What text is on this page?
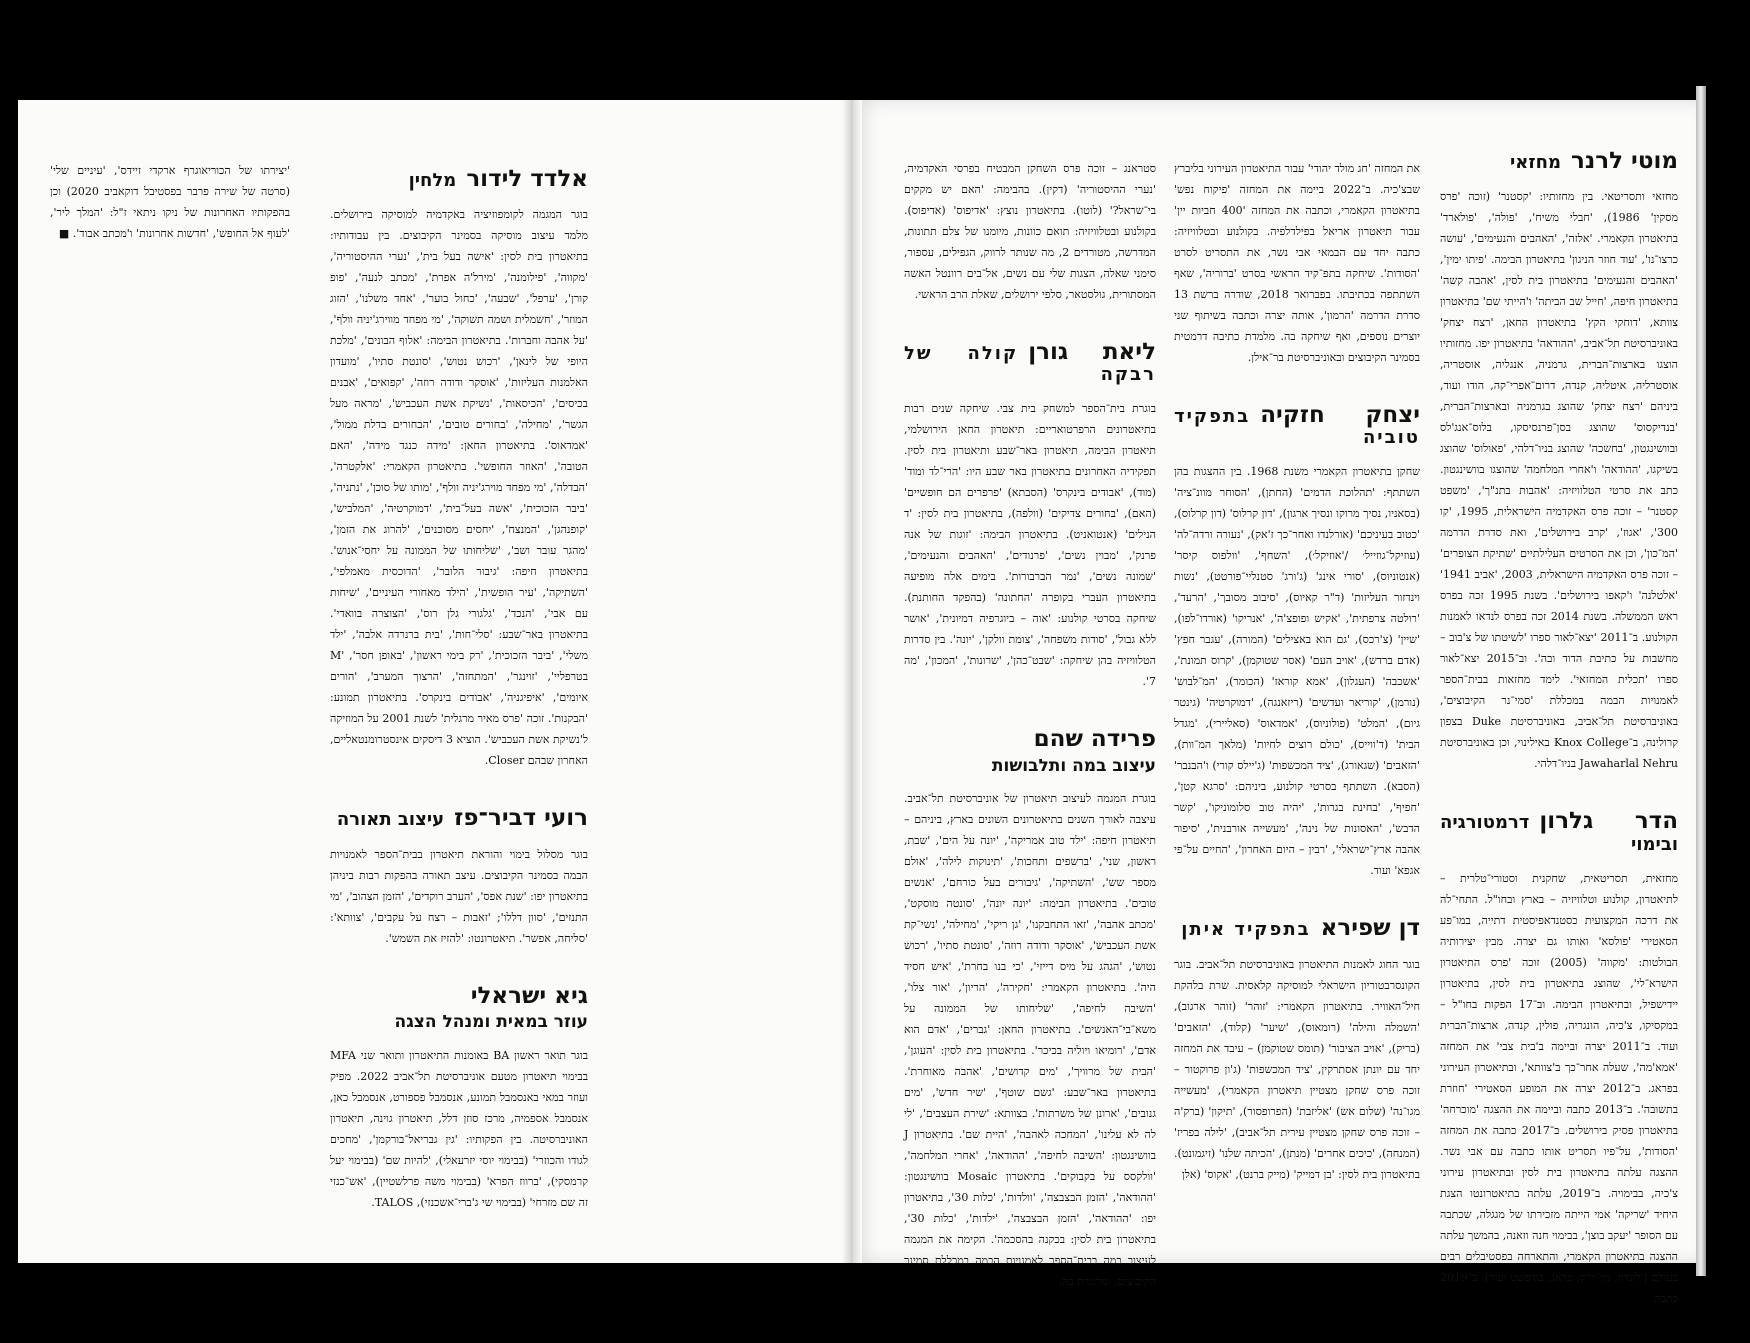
אלדד לידורמלחין
בוגר המגמה לקומפוזיציה באקדמיה למוסיקה בירושלים. מלמד עיצוב מוסיקה בסמינר הקיבוצים. בין עבודותיו: בתיאטרון בית לסין: 'אישה בעל בית', 'נערי ההיסטוריה', 'מקווה', 'פילומנה', 'מירל'ה אפרת', 'מכתב לנעה', 'פופ קורן', 'ערפל', 'שבעה', 'כחול בוער', 'אחד משלנו', 'הזוג המוזר', 'חשמלית ושמה תשוקה', 'מי מפחד מווירג'יניה וולף', 'על אהבה וחברות'. בתיאטרון הבימה: 'אלוף הבונים', 'מלכת היופי של לינאן', 'רכוש נטוש', 'סונטת סתיו', 'מועדון האלמנות העליזות', 'אוסקר ודודה רוזה', 'קפואים', 'אבנים בכיסים', 'הכיסאות', 'נשיקת אשת העכביש', 'מראה מעל הגשר', 'מחילה', 'בחורים טובים', 'הבחורים בדלת ממול', 'אמדאוס'. בתיאטרון החאן: 'מידה כנגד מידה', 'האם הטובה', 'האוזר החופשי'. בתיאטרון הקאמרי: 'אלקטרה', 'הבדלה', 'מי מפחד מוירג'יניה וולף', 'מותו של סוכן', 'נתניה', 'ביבר הזכוכית', 'אשה בעל־בית', 'דמוקרטיה', 'המלביש', 'קופנהגן', 'המנצח', 'יחסים מסוכנים', 'להרוג את הזמן', 'מהגר עובר ושב', 'שליחותו של הממונה על יחסי־אנוש'. בתיאטרון חיפה: 'גיבור הלובר', 'הדוכסית מאמלפי', 'השתיקה', 'עיר הופשית', 'הילד מאחורי העיניים', 'שיחות עם אבי', 'הנכד', 'גלגורי גלן רוס', 'הצוצרה בוואדי'. בתיאטרון באר־שבע: 'סלי־חות', 'בית ברנרדה אלבה', 'ילד משלי', 'ביבר הזכוכית', 'רק בימי ראשון', 'באופן חסר', 'M בטרפליי', 'זוינגר', 'המתחזה', 'הרצוך המערב', 'הורים איומים', 'איפיגניה', 'אבודים בינקרס'. בתיאטרון תמונע: 'הבקנות'. זוכה 'פרס מאיר מרגלית' לשנת 2001 על המוזיקה ל'נשיקת אשת העכביש'. הוציא 3 דיסקים אינסטרומנטאליים, האחרון שבהם Closer.
רועי דביר־פזעיצוב תאורה
בוגר מסלול בימוי והוראת תיאטרון בבית־הספר לאמנויות הבמה בסמינר הקיבוצים. עיצב תאורה בהפקות רבות ביניהן בתיאטרון יפו: 'שנת אפס', 'הערב רוקדים', 'הזמן הצהוב', 'מי התנזים', 'סוון דללו'; 'זאבות – רצח על עקבים', 'צוותא': 'סליחה, אפשר'. תיאטרונטו: 'להזיז את השמש'.
גיא ישראלי
עוזר במאית ומנהל הצגה
בוגר תואר ראשון BA באומנות התיאטרון ותואר שני MFA בבימוי תיאטרון מטעם אוניברסיטת תל־אביב 2022. מפיק ועוזר במאי באנסמבל תמונע, אנסמבל פספורט, אנסמבל כאן, אנסמבל אספמיה, מרכז סוזן דלל, תיאטרון גוינה, תיאטרון האוניברסיטה. בין הפקותיו: 'גין גבריאל־בורקמן', 'מחכים לגודו והכוזרי' (בבימוי יוסי יזרעאלי), 'להיות שם' (בבימוי יעל קרמסקי), 'ברווז הפרא' (בבימוי משה פרלשטיין), 'אש־כנזי זה שם מזרחי' (בבימוי שי ג'ברי־אשכנזי), TALOS.
'יצירתו של הכוריאוגרף ארקדי זיידס', 'עיניים שלי' (סרטה של שירה פרבר בפסטיבל דוקאביב 2020) וכן בהפקותיו האחרונות של ניקו ניתאי ז"ל: 'המלך ליר', 'לעוף אל החופש', 'חדשות אחרונות' ו'מכתב אבוד'. ■
מוטי לרנרמחזאי
מחזאי ותסריטאי. בין מחזותיו: 'קסטנר' (זוכה 'פרס מסקין' 1986), 'חבלי משיח', 'פולה', 'פולארד' בתיאטרון הקאמרי. 'אלזה', 'האהבים והנעימים', 'עושה כרצו־נו', 'עוד חוזר הניגון' בתיאטרון הבימה. 'פיתו ימין', 'האהבים והנעימים' בתיאטרון בית לסין, 'אהבה קשה' בתיאטרון חיפה, 'חייל שב הביתה' ו'הייתי שם' בתיאטרון צוותא, 'דוחקי הקץ' בתיאטרון החאן, 'רצח יצחק' באוניברסיטת תל־אביב, 'ההודאה' בתיאטרון יפו. מחזותיו הוצגו בארצות־הברית, גרמניה, אנגליה, אוסטריה, אוסטרליה, איטליה, קנדה, דרום־אפרי־קה, הודו ועוד, ביניהם 'רצח יצחק' שהוצג בגרמניה ובארצות־הברית, 'בנדיקסוס' שהוצג בסן־פרנסיסקו, בלוס־אנג'לס ובוושינגטון, 'בחשכה' שהוצג בניו־דלהי, 'פאולוס' שהוצג בשיקגו, 'ההודאה' ו'אחרי המלחמה' שהוצגו בוושינגטון. כתב את סרטי הטלוויזיה: 'אהבות בתנ"ך', 'משפט קסטנר' – זוכה פרס האקדמיה הישראלית, 1995, 'קו 300', 'אגוז', 'קרב בירושלים', ואת סדרת הדרמה 'המ־כון', וכן את הסרטים העלילתיים 'שתיקת הצופרים' – זוכה פרס האקדמיה הישראלית, 2003, 'אביב 1941' 'אלטלנה' ו'קאפו בירושלים'. בשנת 1995 זכה בפרס ראש הממשלה. בשנת 2014 זכה בפרס לנדאו לאמנות הקולנוע. ב־2011 'יצא־לאור ספרו 'לשיטתו של צ'בוב – מחשבות על כתיבת הדוד ובה'. וב־2015 יצא־לאור ספרו 'תכלית המחזאי'. לימד מחזאות בבית־הספר לאמנויות הבמה במכללת 'סמי־נר הקיבוצים', באוניברסיטת תל־אביב, באוניברסיטת Duke בצפון קרולינה, ב־Knox College באילינוי, וכן באוניברסיטת Jawaharlal Nehru בניו־דלהי.
הדר גלרוןדרמטורגיה ובימוי
מחזאית, תסריטאית, שחקנית וסטורי־טלרית – לתיאטרון, קולנוע וטלוויזיה – בארץ ובחו"ל. התחי־לה את דרכה המקצועית כסטנדאפיסטית דתייה, במו־פע הסאטירי 'פולסא' ואותו גם יצרה. מבין יצירותיה הבולטות: 'מקווה' (2005) זוכה 'פרס התיאטרון הישרא־לי', שהוצג בתיאטרון בית לסין, בתיאטרון יידישפיל, ובתיאטרון הבימה. וב־17 הפקות בחו"ל – במקסיקו, צ'כיה, הונגריה, פולין, קנדה, ארצות־הברית ועוד. ב־2011 יצרה וביימה ב'בית צבי' את המחזה 'אמא'מה', שעלה אחר־כך ב'צוותא', ובתיאטרון העירוני בפראג. ב־2012 יצרה את המופע הסאטירי 'חוזרת בתשובה'. ב־2013 כתבה וביימה את ההצגה 'מוכרחה' בתיאטרון פסיק בירושלים. ב־2017 כתבה את המחזה 'הסודות', על־פיו תסריט אותו כתבה עם אבי נשר. ההצגה עלתה בתיאטרון בית לסין ובתיאטרון עירוני צ'כיה, בבימויה. ב־2019, עלתה בתיאטרונטו הצגת היחיד 'שריקה' אמי הייתה מזכירתו של מגגלה, שכתבה עם הסופר 'יעקב בוצן', בבימוי חנה וזאנה, בהמשך עלתה ההצגה בתיאטרון הקאמרי, והתארחה בפסטיבלים רבים בעולם ('לונדון, ניו־יורק, פראג, בודפשט ועוד). ב־2019 כתבה
את המחזה 'חג מולד יהודי' עבור התיאטרון העירוני בליברץ שבצ'כיה. ב־2022 ביימה את המחזה 'פיקוח נפש' בתיאטרון הקאמרי, וכתבה את המחזה '400 חביות יין' עבור תיאטרון אריאל בפילדלפיה. בקולנוע ובטלוויזיה: כתבה יחד עם הבמאי אבי נשר, את התסריט לסרט 'הסודות'. שיחקה בתפ־קיד הראשי בסרט 'ברוריה', שאף השתתפה בכתיבתו. בפברואר 2018, שודרה ברשת 13 סדרת הדרמה 'הרמון', אותה יצרה וכתבה בשיתוף שני יוצרים נוספים, ואף שיחקה בה. מלמדת כתיבה דרמטית בסמינר הקיבוצים ובאוניברסיטת בר־אילן.
יצחק חזקיהבתפקיד טוביה
שחקן בתיאטרון הקאמרי משנת 1968. בין ההצגות בהן השתתף: 'תהלוכת הדמים' (החתן), 'הסוחר מוונ־ציה' (בסאניו, נסיך מרוקו ונסיך ארגון), 'דון קרלוס' (דון קרלוס), 'כטוב בעיניכם' (אורלנדו ואחר־כך ז'אק), 'נעורה ורדה־לה' (עוזיקל־גוזייל׳ /'אוזיקל׳), 'השחף', 'וולפוס קיסר' (אנטוניוס), 'סורי אינג' (ג'ורג' סטנליי־פורטט), 'נשות וינדזור העליזות' (ד"ר קאיוס), 'סיבוב מסובך', 'הרעד', 'רולטה צרפתית', 'אקיש ופופצ'ה', 'אנריקו' (אורדו־לפו), 'שיין' (צ'רכס), 'גם הוא באצילים' (המורה), 'עגבר חפץ' (אדם ברדש), 'אויב העם' (אסר שטוקמן), 'קרוס תמונת', 'אשכבה' (העגלון), 'אמא קוראז' (הכומר), 'המ־לבוש' (נורמן), 'קוריאר ועדשים' (ריזאנגה), 'דמוקרטיה' (גינטר גיום), 'המלט' (פולוניוס), 'אמדאוס' (סאליירי), 'מגדל הבית' (ד'ווייס), 'כולם רוצים לחיות' (מלאך המ־וות), 'הזאבים' (שגאורג), 'ציד המכשפות' (ג'יילס קורי) ו'הבנבר' (הסבא). השתתף בסרטי קולנוע, ביניהם: 'סרגא קטן', 'חפיף', 'בחינת בגרות', 'יהיה טוב סלומוניקו', 'קשר הדבש', 'האסונות של נינה', 'מעשייה אורבנית', 'סיפור אהבה ארץ־ישראלי', 'רבין – היום האחרון', 'החיים על־פי אגפא' ועוד.
דן שפיראבתפקיד איתן
בוגר החוג לאמנות התיאטרון באוניברסיטת תל־אביב. בוגר הקונסרבטוריון הישראלי למוסיקה קלאסית. שרת בלהקת חיל־האוויר. בתיאטרון הקאמרי: 'זוהר' (זוהר ארגוב), 'השמלה והילה' (רומאוס), 'שיער' (קלוד), 'הזאבים' (בריק), 'אויב הציבור' (תומס שטוקמן) – עיבד את המחזה יחד עם יונתן אסתרקין, 'ציד המכשפות' (ג'ון פרוקטור – זוכה פרס שחקן מצטיין תיאטרון הקאמרי), 'מעשייה מגו־נה' (שלום אש) 'אליזבת' (הפרופסור), 'תיקון' (ברק'ה – זוכה פרס שחקן מצטיין עירית תל־אביב), 'לילה בפריז' (המנחה), 'כיכים אחרים' (מנתן), 'הכיתה שלנו' (זיגמונט). בתיאטרון בית לסין: 'בן דמייק' (מייק ברנט), 'אקוס' (אלן
סטראנג – זוכה פרס השחקן המבטיח בפרסי האקדמיה, 'נערי ההיסטוריה' (דקין). בהבימה: 'האם יש מקקים בי־שראל?' (לוטו). בתיאטרון נוצץ: 'אדיפוס' (אדיפוס). בקולנוע ובטלוויזיה: תואם כוונות, מיומנו של צלם תתונות, המדרשה, מטורדים 2, מה שנותר לרווק, הגפילים, עספור, סימני שאלה, הצגות שלי עם נשים, אל־בים רוונטל האשה המסתורית, גולסטאר, סלפי ירושלים, שאלת הרב הראשי.
ליאת גורןקולה של רבקה
בוגרת בית־הספר למשחק בית צבי. שיחקה שנים רבות בתיאטרונים הרפרטואריים: תיאטרון החאן הירושלמי, תיאטרון הבימה, תיאטרון באר־שבע ותיאטרון בית לסין. תפקידיה האחרונים בתיאטרון באר שבע היו: 'הרי־לד ומוד' (מוד), 'אבודים בינקרס' (הסבתא) 'פרפרים הם חופשיים' (האם), 'בחורים צדיקים' (וולפה), בתיאטרון בית לסין: 'ד הנילים' (אנטואניט). בתיאטרון הבימה: 'זוגות של אנה פרנק', 'מבוין נשים', 'פרנודים', 'האהבים והנעימים', 'שמונה נשים', 'נמר הברבורות'. בימים אלה מופיעה בתיאטרון העברי בקופרה 'החתונה' (בהפקד החותנת). שיחקה בסרטי קולנוע: 'אוה – ביוגרפיה דמיונית', 'אושר ללא גבול', 'סודות משפחה', 'צומת וולקן', 'יונה'. בין סדרות הטלוויזיה בהן שיחקה: 'שבט־כהן', 'שרונות', 'המכון', 'מה 7'.
פרידה שהם
עיצוב במה ותלבושות
בוגרת המגמה לעיצוב תיאטרון של אוניברסיטת תל־אביב. עיצבה לאורך השנים בתיאטרונים השונים בארץ, ביניהם – תיאטרון חיפה: 'ילד טוב אמריקה', 'יונה על הים', 'שבת, ראשון, שני', 'ברשפים ותחכות', 'תינוקות לילה', 'אולם מספר שש', 'השתיקה', 'גיבורים בעל כורחם', 'אנשים טובים'. בתיאטרון הבימה: 'יונה יונה', 'סונטה מוסקט', 'מכתב אהבה', 'זאו התחבקנו', 'גן ריקי', 'מחילה', 'נשי־קת אשת העכביש', 'אוסקר ודודה רוזה', 'סונטת סתיו', 'רכוש נטוש', 'הגהג על מיס דייזי', 'כי בנו בחרת', 'איש חסיד היה'. בתיאטרון הקאמרי: 'חקירה', 'הריון', 'אור צלו', 'השיבה לחיפה', 'שליחותו של הממונה על משא־בי־האנשים'. בתיאטרון החאן: 'גברים', 'אדם הוא אדם', 'רומיאו ויוליה בכיכר'. בתיאטרון בית לסין: 'העוגן', 'הבית של מרוויך', 'מים קדושים', 'אהבה מאוחרת'. בתיאטרון באר־שבע: 'גשם שוטף', 'שיר חדש', 'מים גנובים', 'ארונן של משרתות'. בצוותא: 'שירת העצבים', 'לי לה לא עלינו', 'המחכה לאהבה', 'היית שם'. בתיאטרון J בוושינגטון: 'השיבה לחיפה', 'ההודאה', 'אחרי המלחמה', 'וולקסס על בקבוקים'. בתיאטרון Mosaic בוושינגטון: 'ההודאה', 'הזמן הבצבצה', 'וולדות', 'כלות 30', בתיאטרון יפו: 'ההודאה', 'הזמן הבצבצה', 'ילדות', 'כלות 30', בתיאטרון בית לסין: בכקנה בהסכמה'. הקימה את המגמה לעיצוב במה בבית־הספר לאמנויות הבמה במכללת סמינר הקיבוצים, ומלמדת בה.
